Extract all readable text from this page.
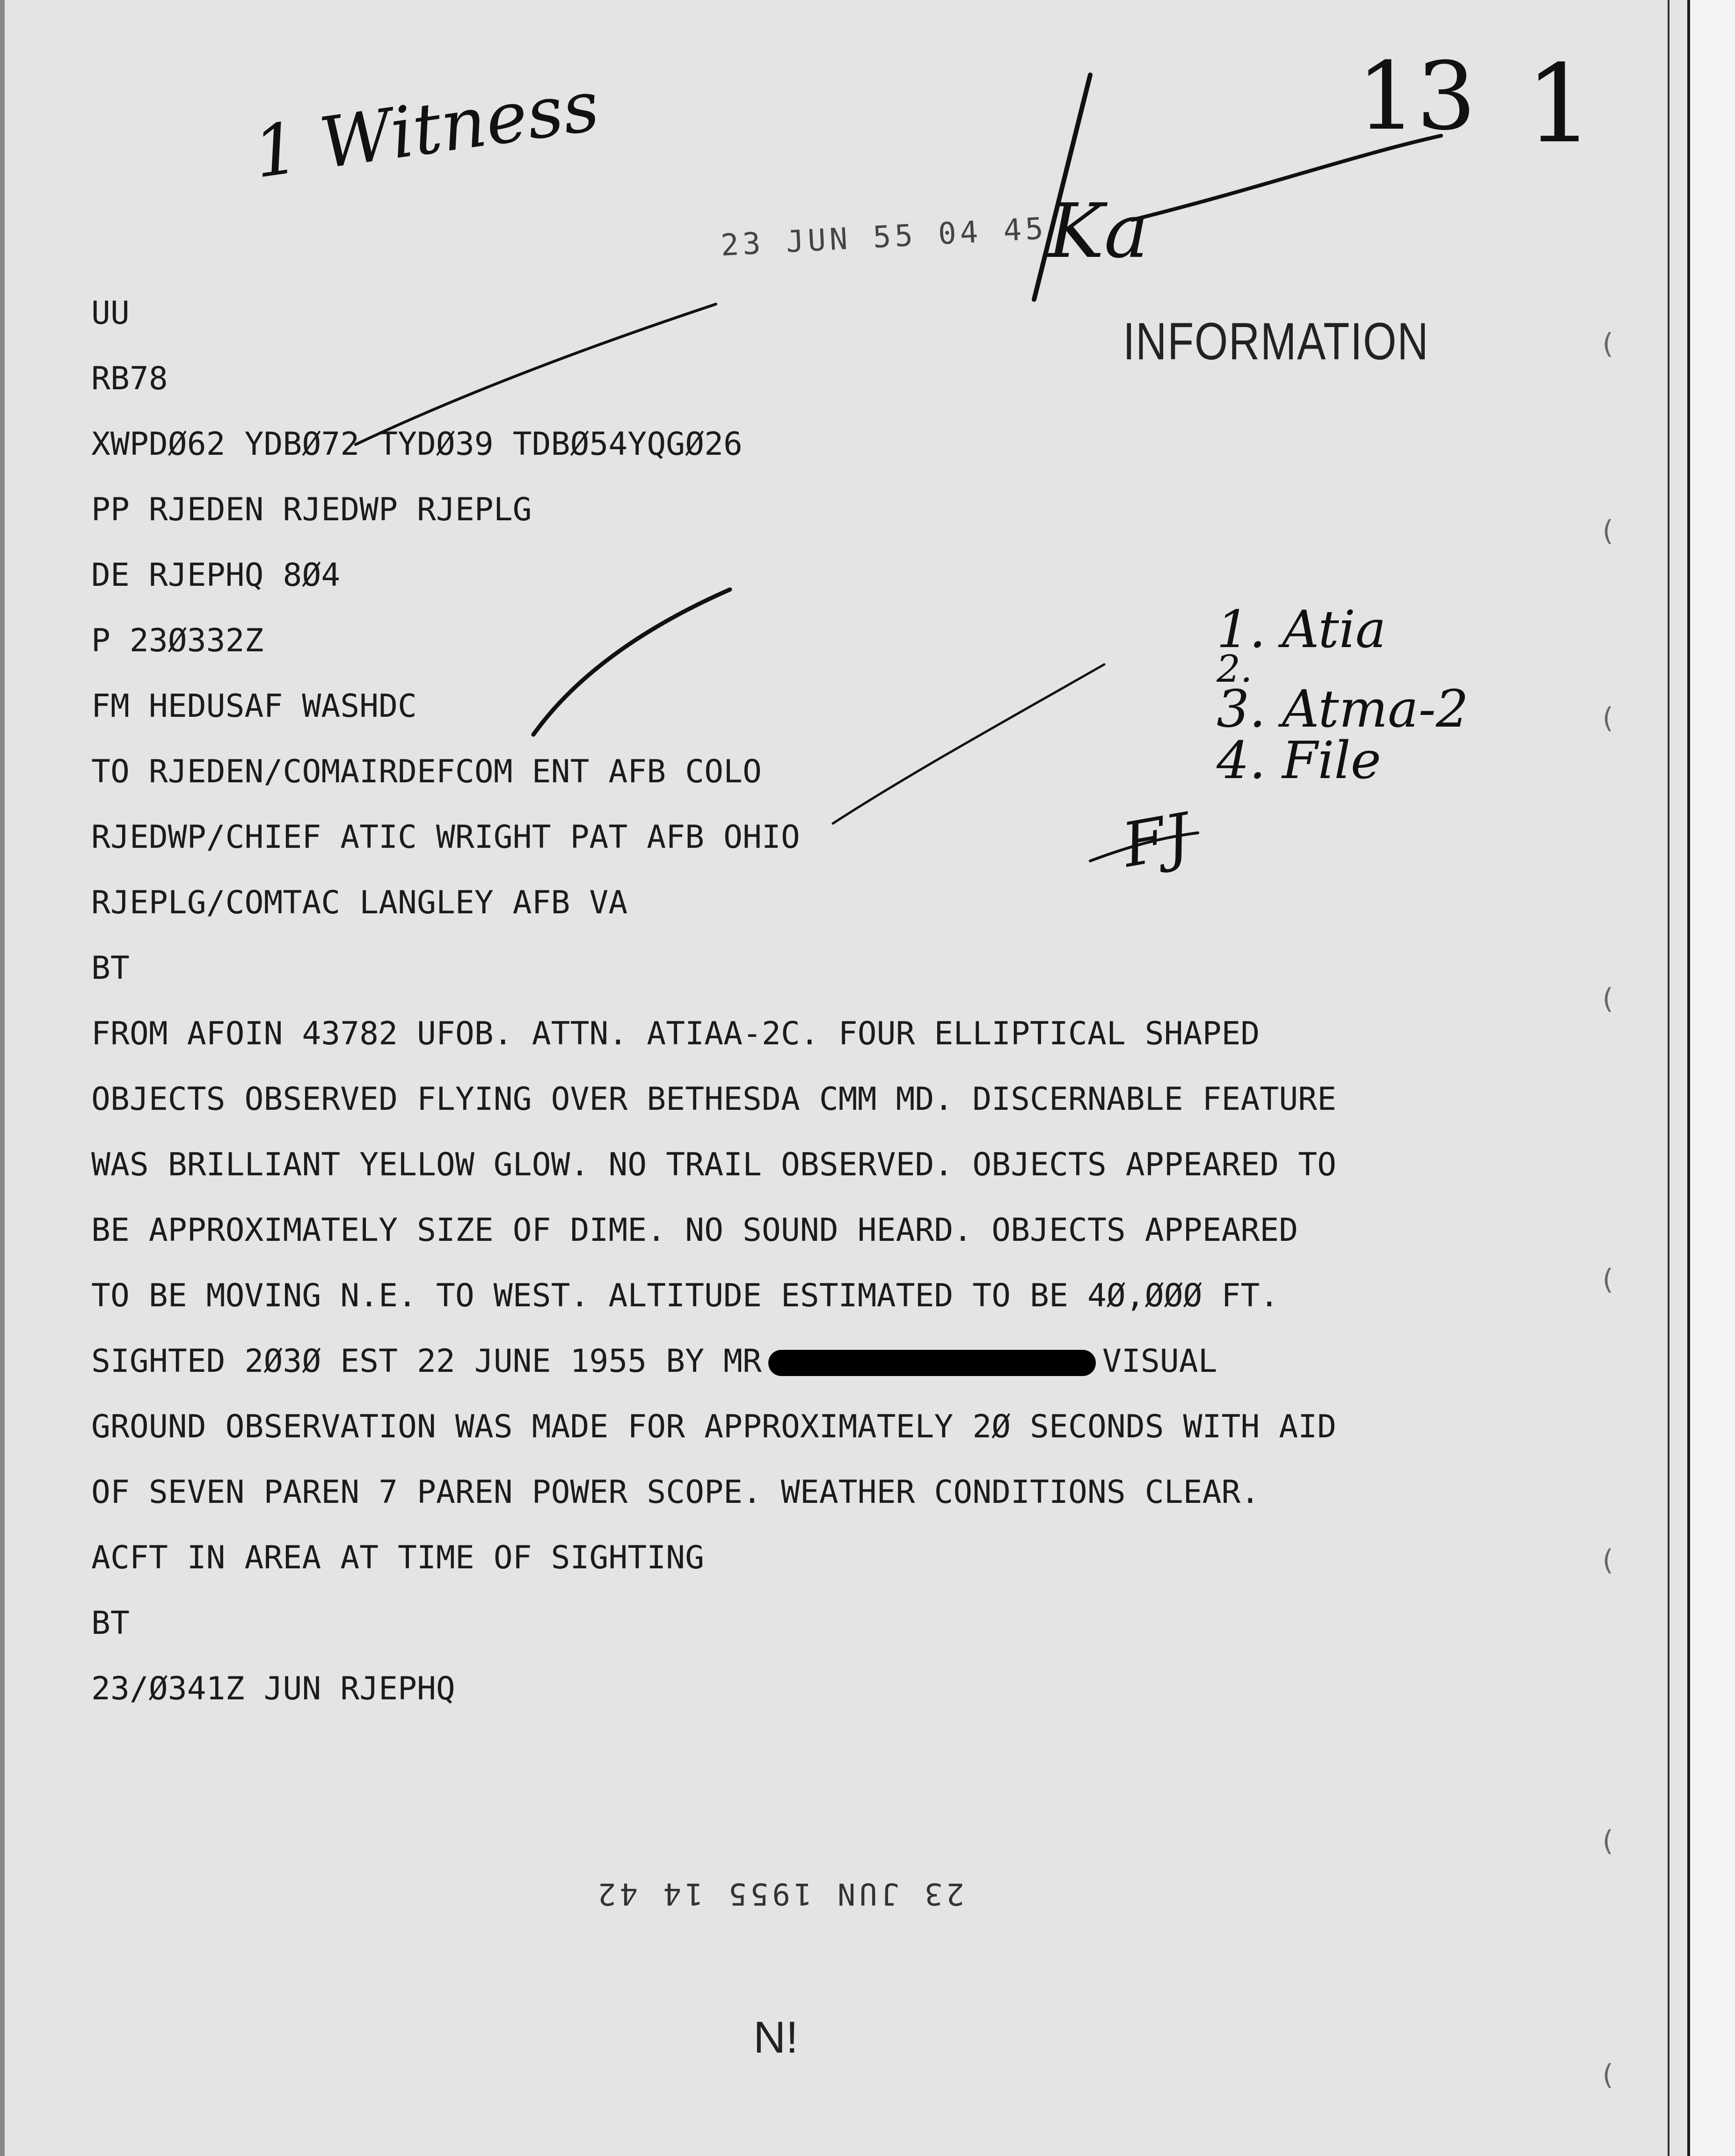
1 Witness	13 1
Ka
1. Atia
2.
3. Atma-2
4. File
FJ
23 JUN 55 04 45
23 JUN 1955 14 42
INFORMATION
UU
RB78
XWPDØ62 YDBØ72 TYDØ39 TDBØ54YQGØ26
PP RJEDEN RJEDWP RJEPLG
DE RJEPHQ 8Ø4
P 23Ø332Z
FM HEDUSAF WASHDC
TO RJEDEN/COMAIRDEFCOM ENT AFB COLO
RJEDWP/CHIEF ATIC WRIGHT PAT AFB OHIO
RJEPLG/COMTAC LANGLEY AFB VA
BT
FROM AFOIN 43782 UFOB. ATTN. ATIAA-2C. FOUR ELLIPTICAL SHAPED
OBJECTS OBSERVED FLYING OVER BETHESDA CMM MD. DISCERNABLE FEATURE
WAS BRILLIANT YELLOW GLOW. NO TRAIL OBSERVED. OBJECTS APPEARED TO
BE APPROXIMATELY SIZE OF DIME. NO SOUND HEARD. OBJECTS APPEARED
TO BE MOVING N.E. TO WEST. ALTITUDE ESTIMATED TO BE 4Ø,ØØØ FT.
SIGHTED 2Ø3Ø EST 22 JUNE 1955 BY MR	VISUAL
GROUND OBSERVATION WAS MADE FOR APPROXIMATELY 2Ø SECONDS WITH AID
OF SEVEN PAREN 7 PAREN POWER SCOPE. WEATHER CONDITIONS CLEAR.
ACFT IN AREA AT TIME OF SIGHTING
BT
23/Ø341Z JUN RJEPHQ
N!
(
(
(
(
(
(
(
(
